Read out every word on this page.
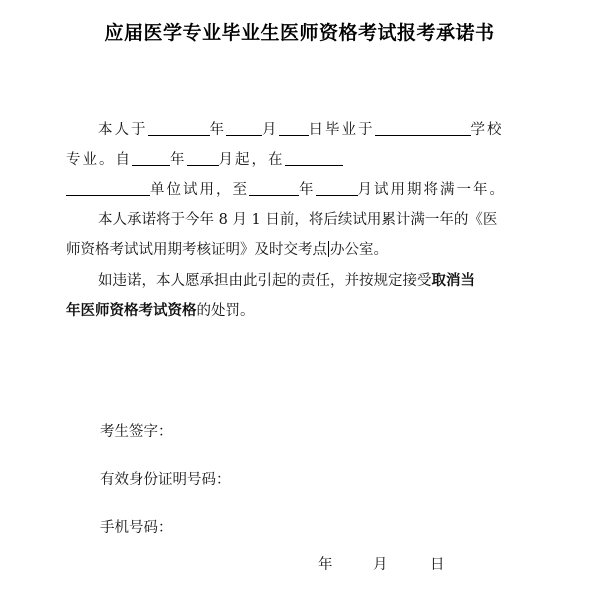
应届医学专业毕业生医师资格考试报考承诺书
本人于	年 月 日毕业于	学校
专业。自	年 月起，在
单位试用，至	年	月试用期将满一年。
本人承诺将于今年 8 月 1 日前，将后续试用累计满一年的《医
师资格考试试用期考核证明》及时交考点 办公室。
如违诺，本人愿承担由此引起的责任，并按规定接受取消当
年医师资格考试资格的处罚。
考生签字：
有效身份证明号码：
手机号码：
年	月	日
